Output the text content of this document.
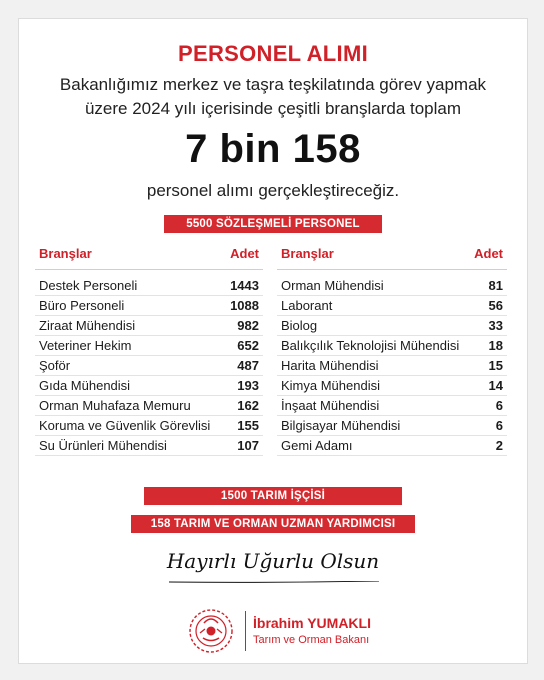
PERSONEL ALIMI
Bakanlığımız merkez ve taşra teşkilatında görev yapmak
üzere 2024 yılı içerisinde çeşitli branşlarda toplam
7 bin 158
personel alımı gerçekleştireceğiz.
5500 SÖZLEŞMELİ PERSONEL
Branşlar	Adet
Destek Personeli	1443
Büro Personeli	1088
Ziraat Mühendisi	982
Veteriner Hekim	652
Şoför	487
Gıda Mühendisi	193
Orman Muhafaza Memuru	162
Koruma ve Güvenlik Görevlisi 155
Su Ürünleri Mühendisi	107
Branşlar	Adet
Orman Mühendisi	81
Laborant	56
Biolog	33
Balıkçılık Teknolojisi Mühendisi 18
Harita Mühendisi	15
Kimya Mühendisi	14
İnşaat Mühendisi	6
Bilgisayar Mühendisi	6
Gemi Adamı	2
1500 TARIM İŞÇİSİ
158 TARIM VE ORMAN UZMAN YARDIMCISI
Hayırlı Uğurlu Olsun
İbrahim YUMAKLI
Tarım ve Orman Bakanı
